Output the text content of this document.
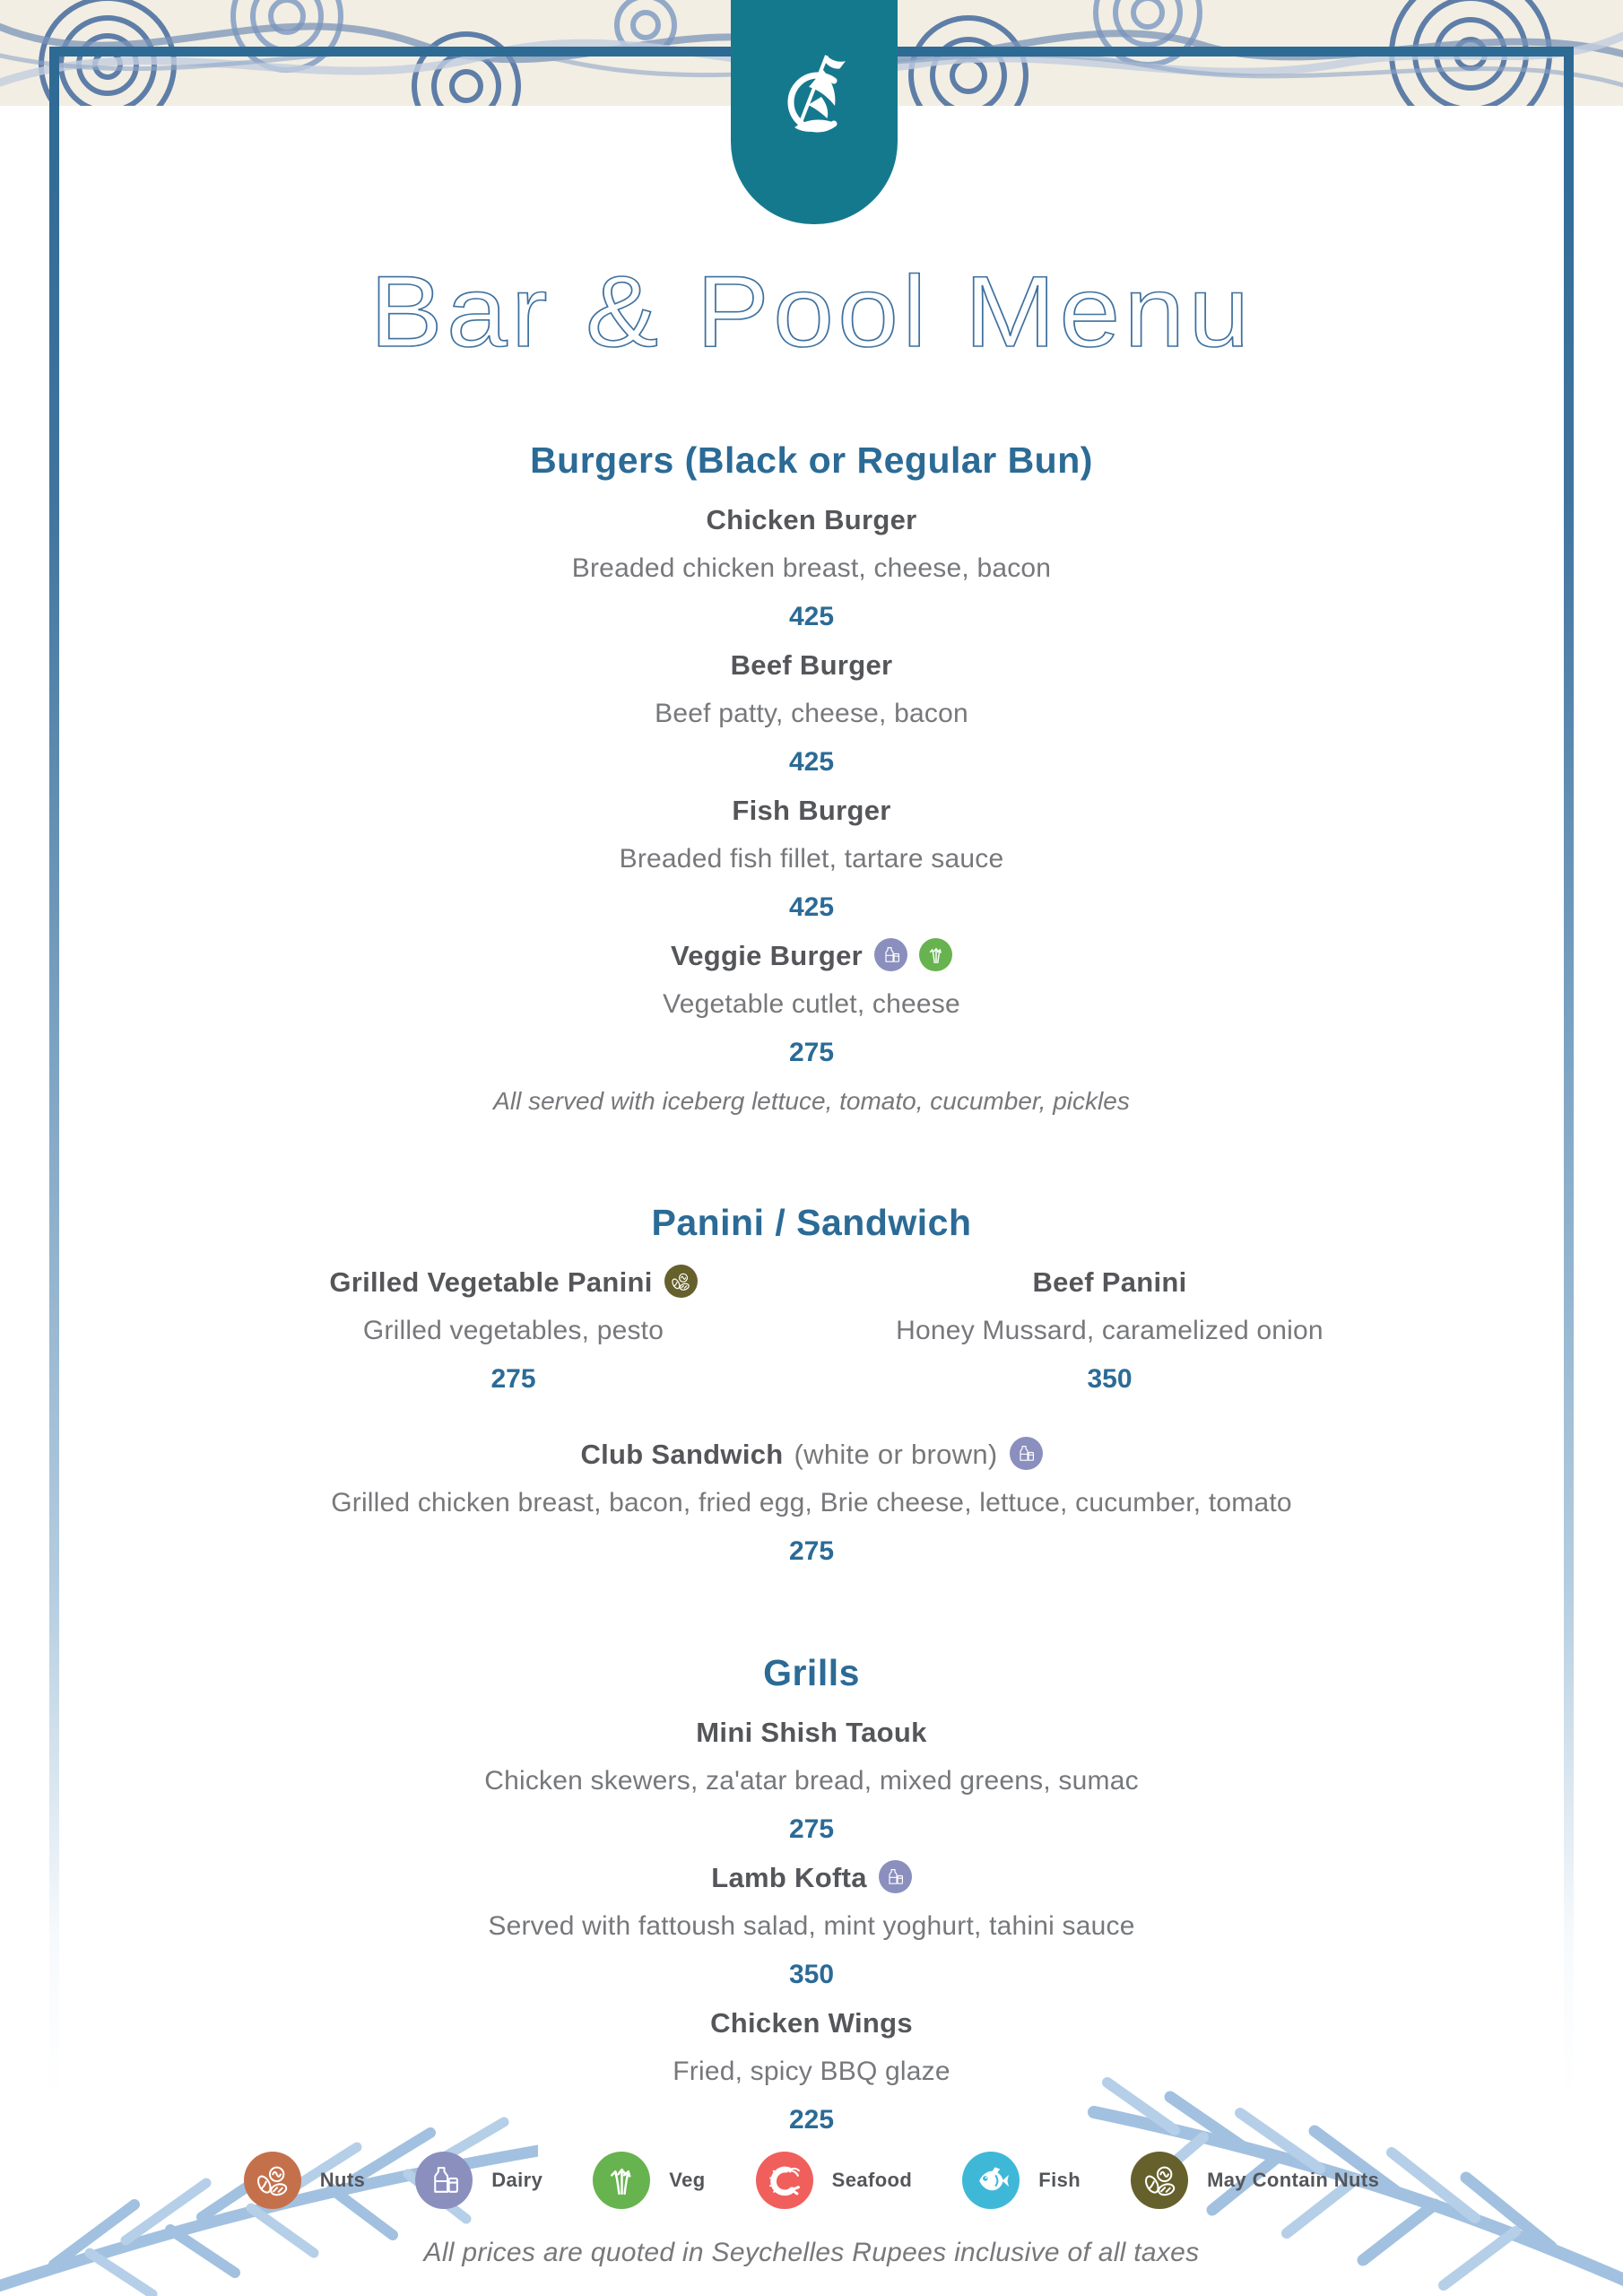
Bar & Pool Menu
Burgers (Black or Regular Bun)
Chicken Burger
Breaded chicken breast, cheese, bacon
425
Beef Burger
Beef patty, cheese, bacon
425
Fish Burger
Breaded fish fillet, tartare sauce
425
Veggie Burger
Vegetable cutlet, cheese
275
All served with iceberg lettuce, tomato, cucumber, pickles
Panini / Sandwich
Grilled Vegetable Panini
Grilled vegetables, pesto
275
Beef Panini
Honey Mussard, caramelized onion
350
Club Sandwich (white or brown)
Grilled chicken breast, bacon, fried egg, Brie cheese, lettuce, cucumber, tomato
275
Grills
Mini Shish Taouk
Chicken skewers, za'atar bread, mixed greens, sumac
275
Lamb Kofta
Served with fattoush salad, mint yoghurt, tahini sauce
350
Chicken Wings
Fried, spicy BBQ glaze
225
Nuts	Dairy	Veg	Seafood	Fish	May Contain Nuts
All prices are quoted in Seychelles Rupees inclusive of all taxes
